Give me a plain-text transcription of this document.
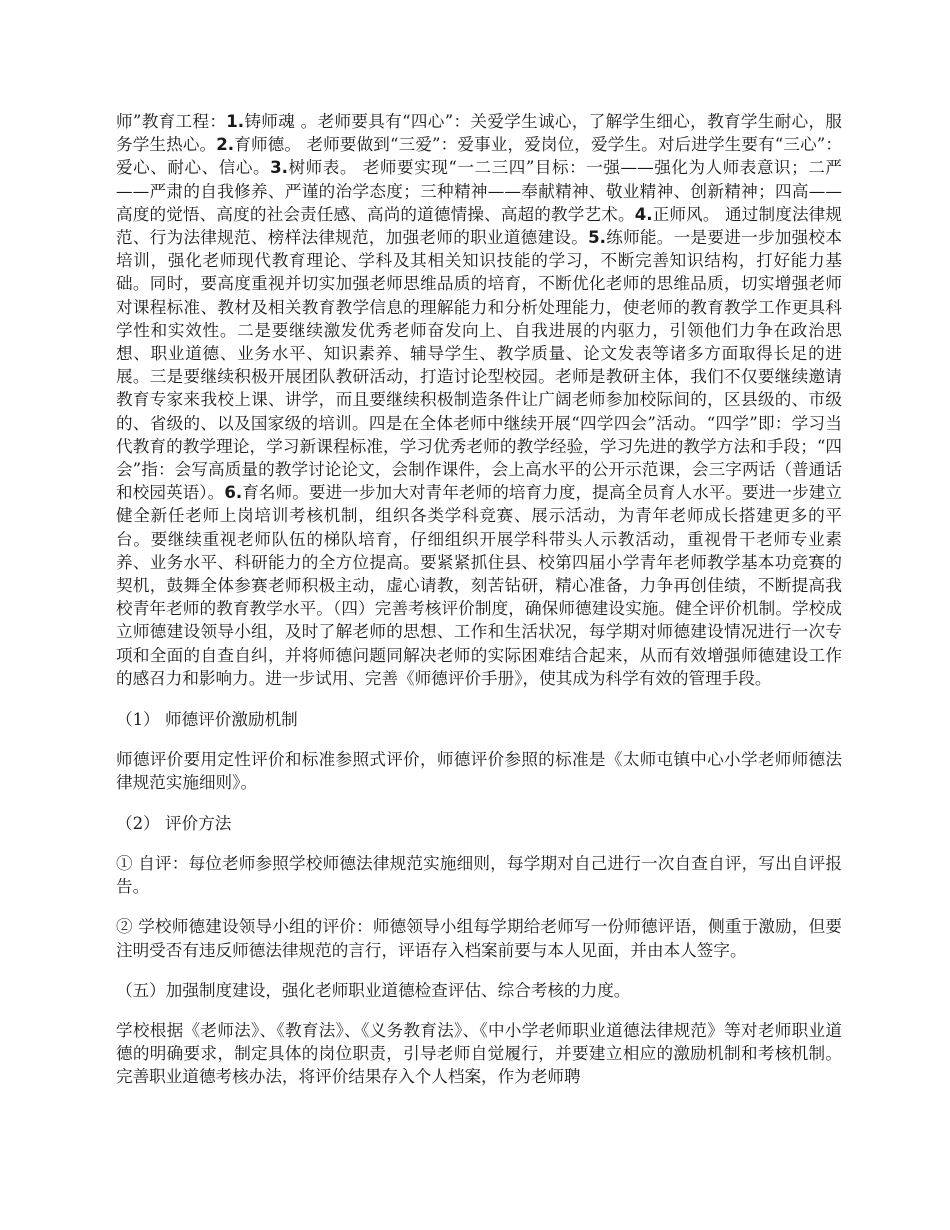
师”教育工程：1.铸师魂 。老师要具有“四心”：关爱学生诚心，了解学生细心，教育学生耐心，服务学生热心。2.育师德。 老师要做到“三爱”：爱事业，爱岗位，爱学生。对后进学生要有“三心”：爱心、耐心、信心。3.树师表。 老师要实现“一二三四”目标：一强——强化为人师表意识；二严——严肃的自我修养、严谨的治学态度；三种精神——奉献精神、敬业精神、创新精神；四高——高度的觉悟、高度的社会责任感、高尚的道德情操、高超的教学艺术。4.正师风。 通过制度法律规范、行为法律规范、榜样法律规范，加强老师的职业道德建设。5.练师能。一是要进一步加强校本培训，强化老师现代教育理论、学科及其相关知识技能的学习，不断完善知识结构，打好能力基础。同时，要高度重视并切实加强老师思维品质的培育，不断优化老师的思维品质，切实增强老师对课程标准、教材及相关教育教学信息的理解能力和分析处理能力，使老师的教育教学工作更具科学性和实效性。二是要继续激发优秀老师奋发向上、自我进展的内驱力，引领他们力争在政治思想、职业道德、业务水平、知识素养、辅导学生、教学质量、论文发表等诸多方面取得长足的进展。三是要继续积极开展团队教研活动，打造讨论型校园。老师是教研主体，我们不仅要继续邀请教育专家来我校上课、讲学，而且要继续积极制造条件让广阔老师参加校际间的，区县级的、市级的、省级的、以及国家级的培训。四是在全体老师中继续开展“四学四会”活动。“四学”即：学习当代教育的教学理论，学习新课程标准，学习优秀老师的教学经验，学习先进的教学方法和手段；“四会”指：会写高质量的教学讨论论文，会制作课件，会上高水平的公开示范课，会三字两话（普通话和校园英语）。6.育名师。要进一步加大对青年老师的培育力度，提高全员育人水平。要进一步建立健全新任老师上岗培训考核机制，组织各类学科竞赛、展示活动，为青年老师成长搭建更多的平台。要继续重视老师队伍的梯队培育，仔细组织开展学科带头人示教活动，重视骨干老师专业素养、业务水平、科研能力的全方位提高。要紧紧抓住县、校第四届小学青年老师教学基本功竞赛的契机，鼓舞全体参赛老师积极主动，虚心请教，刻苦钻研，精心准备，力争再创佳绩，不断提高我校青年老师的教育教学水平。（四）完善考核评价制度，确保师德建设实施。健全评价机制。学校成立师德建设领导小组，及时了解老师的思想、工作和生活状况，每学期对师德建设情况进行一次专项和全面的自查自纠，并将师德问题同解决老师的实际困难结合起来，从而有效增强师德建设工作的感召力和影响力。进一步试用、完善《师德评价手册》，使其成为科学有效的管理手段。

（1） 师德评价激励机制

师德评价要用定性评价和标准参照式评价，师德评价参照的标准是《太师屯镇中心小学老师师德法律规范实施细则》。

（2） 评价方法

① 自评：每位老师参照学校师德法律规范实施细则，每学期对自己进行一次自查自评，写出自评报告。

② 学校师德建设领导小组的评价：师德领导小组每学期给老师写一份师德评语，侧重于激励，但要注明受否有违反师德法律规范的言行，评语存入档案前要与本人见面，并由本人签字。

（五）加强制度建设，强化老师职业道德检查评估、综合考核的力度。

学校根据《老师法》、《教育法》、《义务教育法》、《中小学老师职业道德法律规范》等对老师职业道德的明确要求，制定具体的岗位职责，引导老师自觉履行，并要建立相应的激励机制和考核机制。完善职业道德考核办法，将评价结果存入个人档案，作为老师聘
